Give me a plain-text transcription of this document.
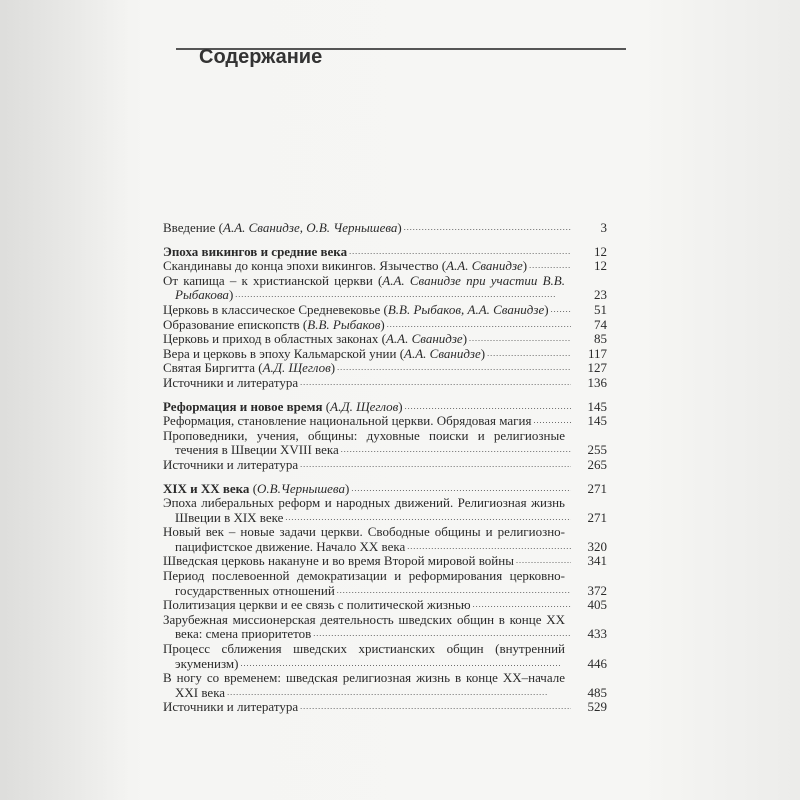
Содержание
Введение (А.А. Сванидзе, О.В. Чернышева) . . .	3
Эпоха викингов и средние века . . .	12
Скандинавы до конца эпохи викингов. Язычество (А.А. Сванидзе) . . .	12
От капища – к христианской церкви (А.А. Сванидзе при участии В.В. Рыбакова) . . .	23
Церковь в классическое Средневековье (В.В. Рыбаков, А.А. Сванидзе) . . .	51
Образование епископств (В.В. Рыбаков) . . .	74
Церковь и приход в областных законах (А.А. Сванидзе) . . .	85
Вера и церковь в эпоху Кальмарской унии (А.А. Сванидзе) . . .	117
Святая Биргитта (А.Д. Щеглов) . . .	127
Источники и литература . . .	136
Реформация и новое время (А.Д. Щеглов) . . .	145
Реформация, становление национальной церкви. Обрядовая магия . . .	145
Проповедники, учения, общины: духовные поиски и религиозные течения в Швеции XVIII века . . .	255
Источники и литература . . .	265
XIX и XX века (О.В.Чернышева) . . .	271
Эпоха либеральных реформ и народных движений. Религиозная жизнь Швеции в XIX веке . . .	271
Новый век – новые задачи церкви. Свободные общины и религиозно-пацифистское движение. Начало XX века . . .	320
Шведская церковь накануне и во время Второй мировой войны . . .	341
Период послевоенной демократизации и реформирования церковно-государственных отношений . . .	372
Политизация церкви и ее связь с политической жизнью . . .	405
Зарубежная миссионерская деятельность шведских общин в конце XX века: смена приоритетов . . .	433
Процесс сближения шведских христианских общин (внутренний экуменизм) . . .	446
В ногу со временем: шведская религиозная жизнь в конце XX–начале XXI века . . .	485
Источники и литература . . .	529
